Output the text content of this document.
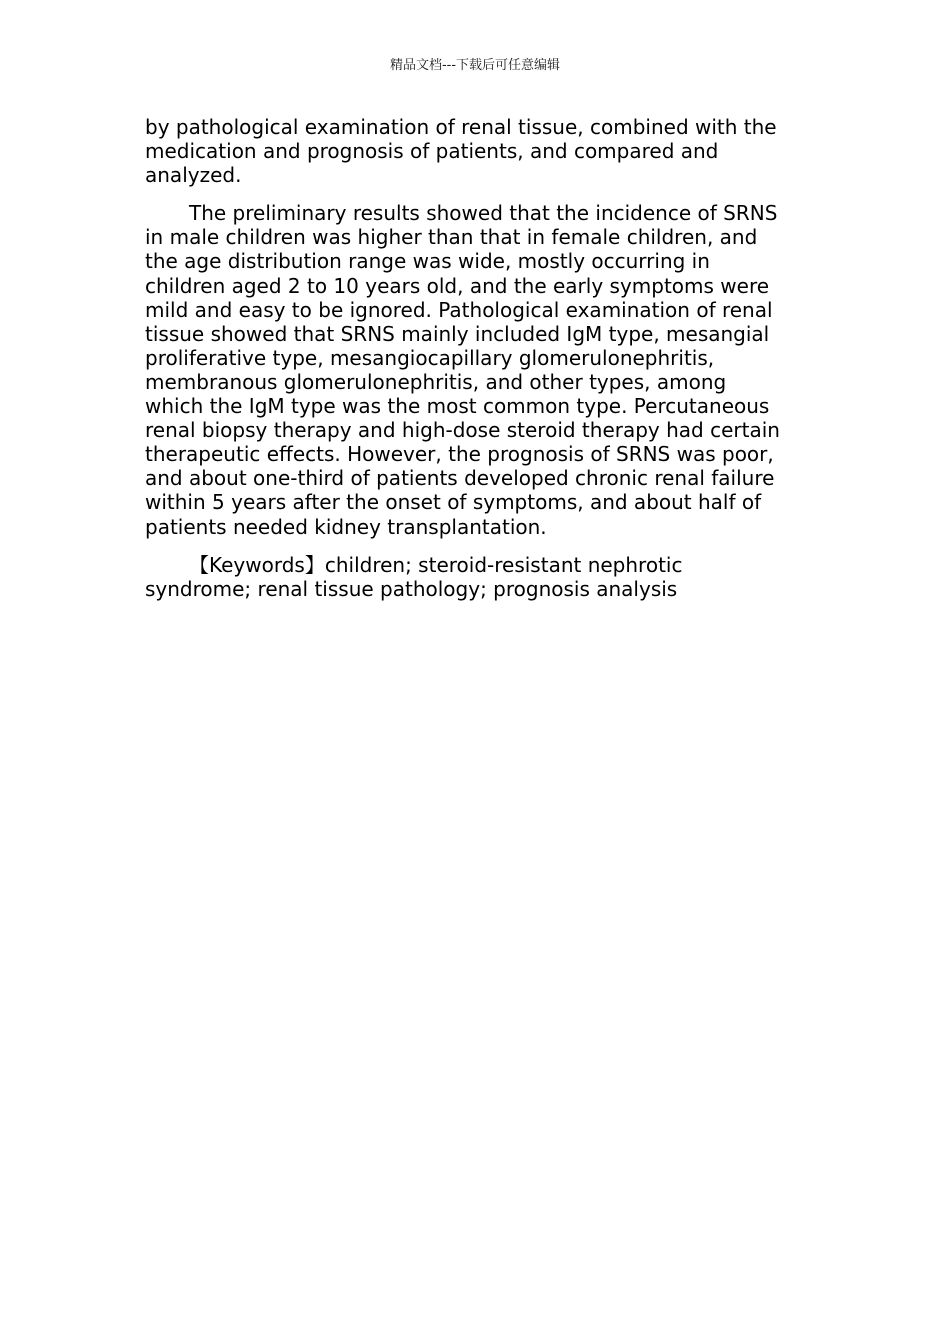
精品文档---下载后可任意编辑

by pathological examination of renal tissue, combined with the
medication and prognosis of patients, and compared and
analyzed.

The preliminary results showed that the incidence of SRNS
in male children was higher than that in female children, and
the age distribution range was wide, mostly occurring in
children aged 2 to 10 years old, and the early symptoms were
mild and easy to be ignored. Pathological examination of renal
tissue showed that SRNS mainly included IgM type, mesangial
proliferative type, mesangiocapillary glomerulonephritis,
membranous glomerulonephritis, and other types, among
which the IgM type was the most common type. Percutaneous
renal biopsy therapy and high-dose steroid therapy had certain
therapeutic effects. However, the prognosis of SRNS was poor,
and about one-third of patients developed chronic renal failure
within 5 years after the onset of symptoms, and about half of
patients needed kidney transplantation.

【Keywords】children; steroid-resistant nephrotic
syndrome; renal tissue pathology; prognosis analysis
